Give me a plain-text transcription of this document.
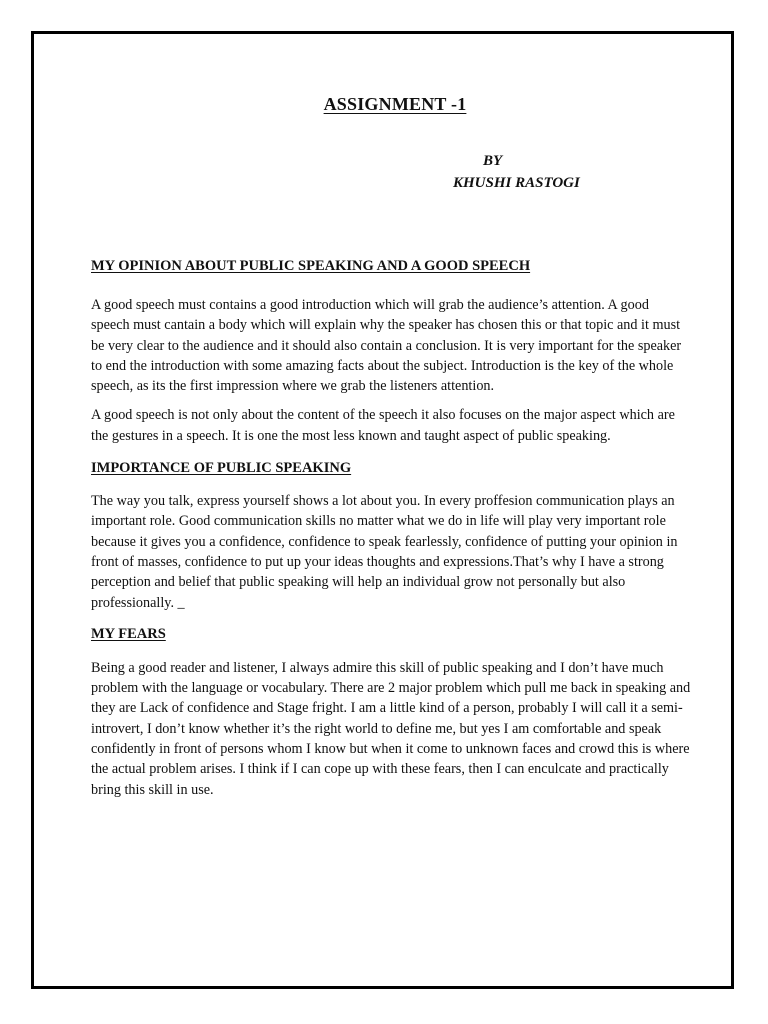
ASSIGNMENT -1
BY
KHUSHI RASTOGI

MY OPINION ABOUT PUBLIC SPEAKING AND A GOOD SPEECH

A good speech must contains a good introduction which will grab the audience’s attention. A good speech must cantain a body which will explain why the speaker has chosen this or that topic and it must be very clear to the audience and it should also contain a conclusion. It is very important for the speaker to end the introduction with some amazing facts about the subject. Introduction is the key of the whole speech, as its the first impression where we grab the listeners attention.

A good speech is not only about the content of the speech it also focuses on the major aspect which are the gestures in a speech. It is one the most less known and taught aspect of public speaking.

IMPORTANCE OF PUBLIC SPEAKING

The way you talk, express yourself shows a lot about you. In every proffesion communication plays an important role. Good communication skills no matter what we do in life will play very important role because it gives you a confidence, confidence to speak fearlessly, confidence of putting your opinion in front of masses, confidence to put up your ideas thoughts and expressions.That’s why I have a strong perception and belief that public speaking will help an individual grow not personally but also professionally. _

MY FEARS

Being a good reader and listener, I always admire this skill of public speaking and I don’t have much problem with the language or vocabulary. There are 2 major problem which pull me back in speaking and they are Lack of confidence and Stage fright. I am a little kind of a person, probably I will call it a semi-introvert, I don’t know whether it’s the right world to define me, but yes I am comfortable and speak confidently in front of persons whom I know but when it come to unknown faces and crowd this is where the actual problem arises. I think if I can cope up with these fears, then I can enculcate and practically bring this skill in use.
